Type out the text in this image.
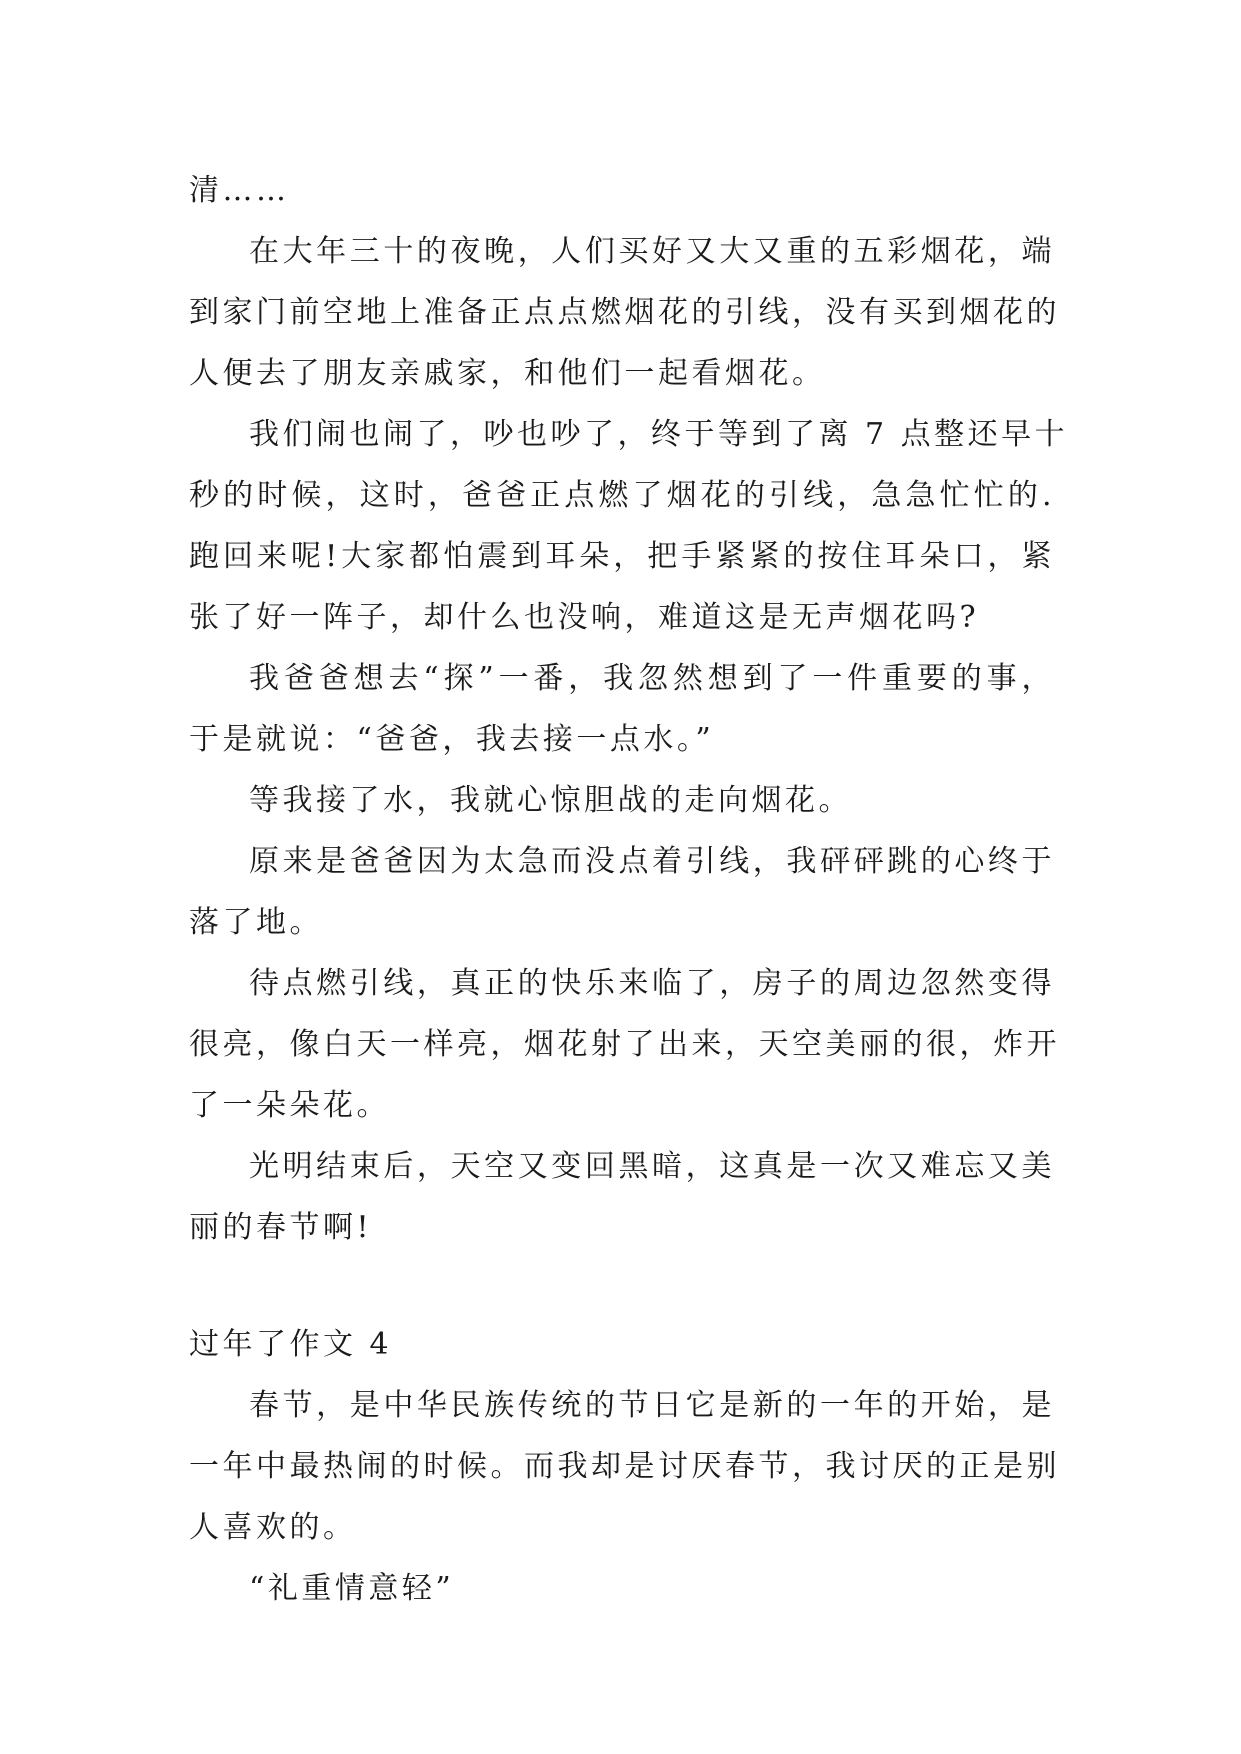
清……
在大年三十的夜晚，人们买好又大又重的五彩烟花，端
到家门前空地上准备正点点燃烟花的引线，没有买到烟花的
人便去了朋友亲戚家，和他们一起看烟花。
我们闹也闹了，吵也吵了，终于等到了离 7 点整还早十
秒的时候，这时，爸爸正点燃了烟花的引线，急急忙忙的.
跑回来呢!大家都怕震到耳朵，把手紧紧的按住耳朵口，紧
张了好一阵子，却什么也没响，难道这是无声烟花吗?
我爸爸想去“探”一番，我忽然想到了一件重要的事，
于是就说：“爸爸，我去接一点水。”
等我接了水，我就心惊胆战的走向烟花。
原来是爸爸因为太急而没点着引线，我砰砰跳的心终于
落了地。
待点燃引线，真正的快乐来临了，房子的周边忽然变得
很亮，像白天一样亮，烟花射了出来，天空美丽的很，炸开
了一朵朵花。
光明结束后，天空又变回黑暗，这真是一次又难忘又美
丽的春节啊!
过年了作文 4
春节，是中华民族传统的节日它是新的一年的开始，是
一年中最热闹的时候。而我却是讨厌春节，我讨厌的正是别
人喜欢的。
“礼重情意轻”
